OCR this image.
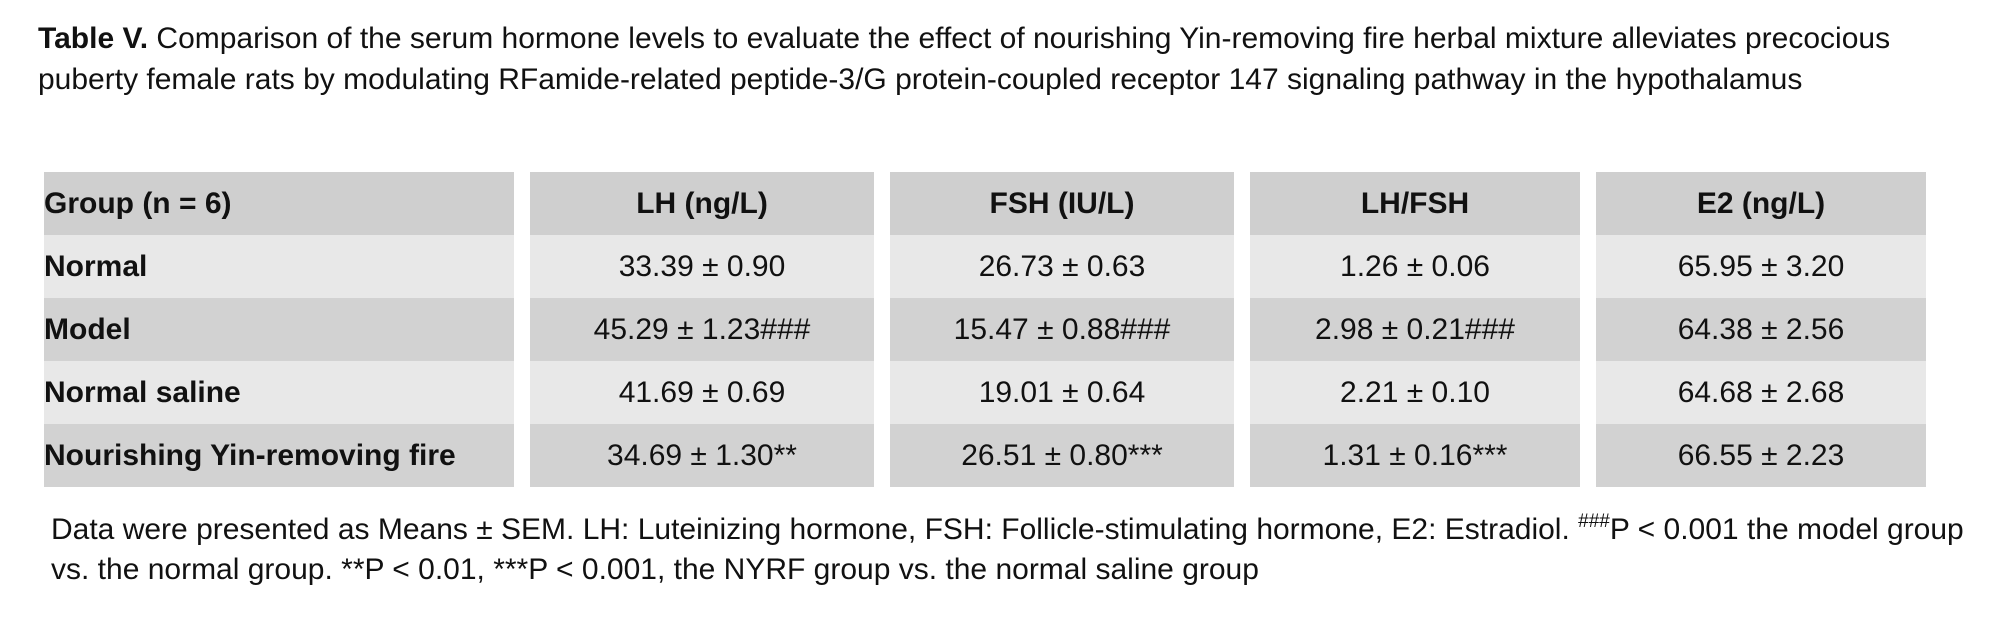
Table V. Comparison of the serum hormone levels to evaluate the effect of nourishing Yin-removing fire herbal mixture alleviates precocious puberty female rats by modulating RFamide-related peptide-3/G protein-coupled receptor 147 signaling pathway in the hypothalamus
Group (n = 6)	LH (ng/L)	FSH (IU/L)	LH/FSH	E2 (ng/L)
Normal	33.39 ± 0.90	26.73 ± 0.63	1.26 ± 0.06	65.95 ± 3.20
Model	45.29 ± 1.23###	15.47 ± 0.88###	2.98 ± 0.21###	64.38 ± 2.56
Normal saline	41.69 ± 0.69	19.01 ± 0.64	2.21 ± 0.10	64.68 ± 2.68
Nourishing Yin-removing fire	34.69 ± 1.30**	26.51 ± 0.80***	1.31 ± 0.16***	66.55 ± 2.23
Data were presented as Means ± SEM. LH: Luteinizing hormone, FSH: Follicle-stimulating hormone, E2: Estradiol. ###P < 0.001 the model group vs. the normal group. **P < 0.01, ***P < 0.001, the NYRF group vs. the normal saline group
